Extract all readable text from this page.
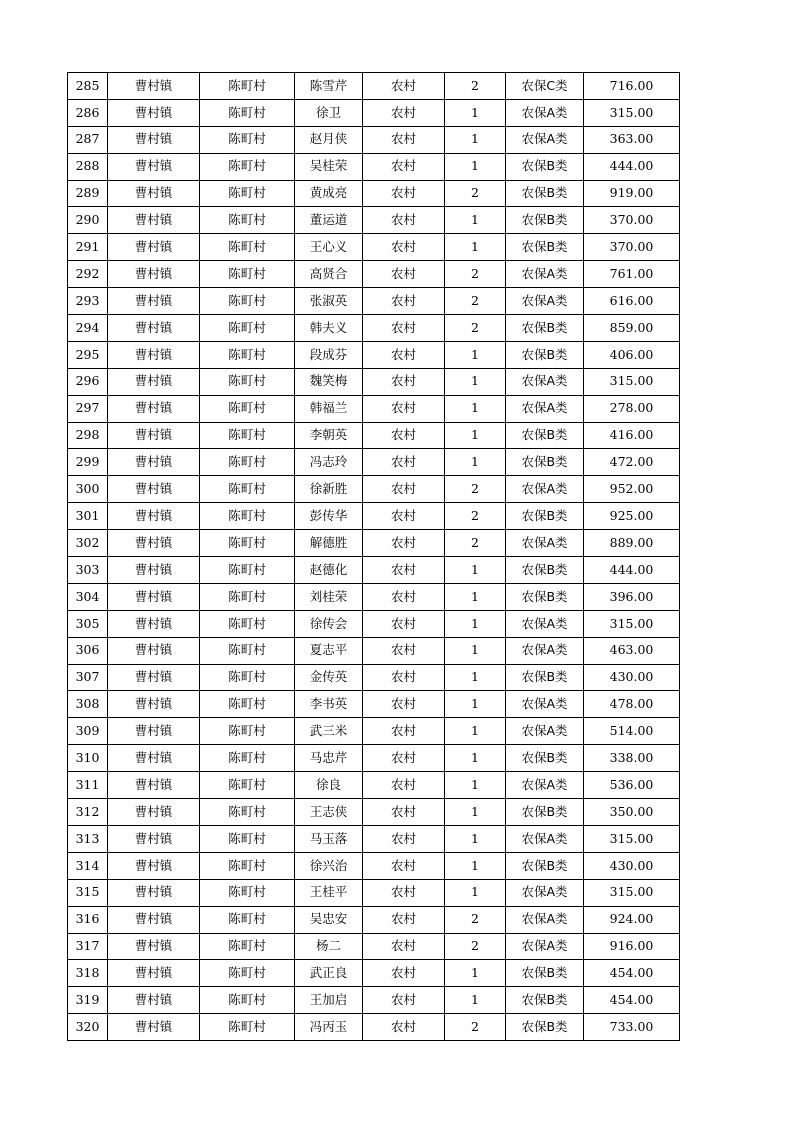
285	曹村镇	陈町村	陈雪芹	农村	2	农保C类	716.00
286	曹村镇	陈町村	徐卫	农村	1	农保A类	315.00
287	曹村镇	陈町村	赵月侠	农村	1	农保A类	363.00
288	曹村镇	陈町村	吴桂荣	农村	1	农保B类	444.00
289	曹村镇	陈町村	黄成亮	农村	2	农保B类	919.00
290	曹村镇	陈町村	董运道	农村	1	农保B类	370.00
291	曹村镇	陈町村	王心义	农村	1	农保B类	370.00
292	曹村镇	陈町村	高贤合	农村	2	农保A类	761.00
293	曹村镇	陈町村	张淑英	农村	2	农保A类	616.00
294	曹村镇	陈町村	韩夫义	农村	2	农保B类	859.00
295	曹村镇	陈町村	段成芬	农村	1	农保B类	406.00
296	曹村镇	陈町村	魏笑梅	农村	1	农保A类	315.00
297	曹村镇	陈町村	韩福兰	农村	1	农保A类	278.00
298	曹村镇	陈町村	李朝英	农村	1	农保B类	416.00
299	曹村镇	陈町村	冯志玲	农村	1	农保B类	472.00
300	曹村镇	陈町村	徐新胜	农村	2	农保A类	952.00
301	曹村镇	陈町村	彭传华	农村	2	农保B类	925.00
302	曹村镇	陈町村	解德胜	农村	2	农保A类	889.00
303	曹村镇	陈町村	赵德化	农村	1	农保B类	444.00
304	曹村镇	陈町村	刘桂荣	农村	1	农保B类	396.00
305	曹村镇	陈町村	徐传会	农村	1	农保A类	315.00
306	曹村镇	陈町村	夏志平	农村	1	农保A类	463.00
307	曹村镇	陈町村	金传英	农村	1	农保B类	430.00
308	曹村镇	陈町村	李书英	农村	1	农保A类	478.00
309	曹村镇	陈町村	武三米	农村	1	农保A类	514.00
310	曹村镇	陈町村	马忠芹	农村	1	农保B类	338.00
311	曹村镇	陈町村	徐良	农村	1	农保A类	536.00
312	曹村镇	陈町村	王志侠	农村	1	农保B类	350.00
313	曹村镇	陈町村	马玉落	农村	1	农保A类	315.00
314	曹村镇	陈町村	徐兴治	农村	1	农保B类	430.00
315	曹村镇	陈町村	王桂平	农村	1	农保A类	315.00
316	曹村镇	陈町村	吴忠安	农村	2	农保A类	924.00
317	曹村镇	陈町村	杨二	农村	2	农保A类	916.00
318	曹村镇	陈町村	武正良	农村	1	农保B类	454.00
319	曹村镇	陈町村	王加启	农村	1	农保B类	454.00
320	曹村镇	陈町村	冯丙玉	农村	2	农保B类	733.00
